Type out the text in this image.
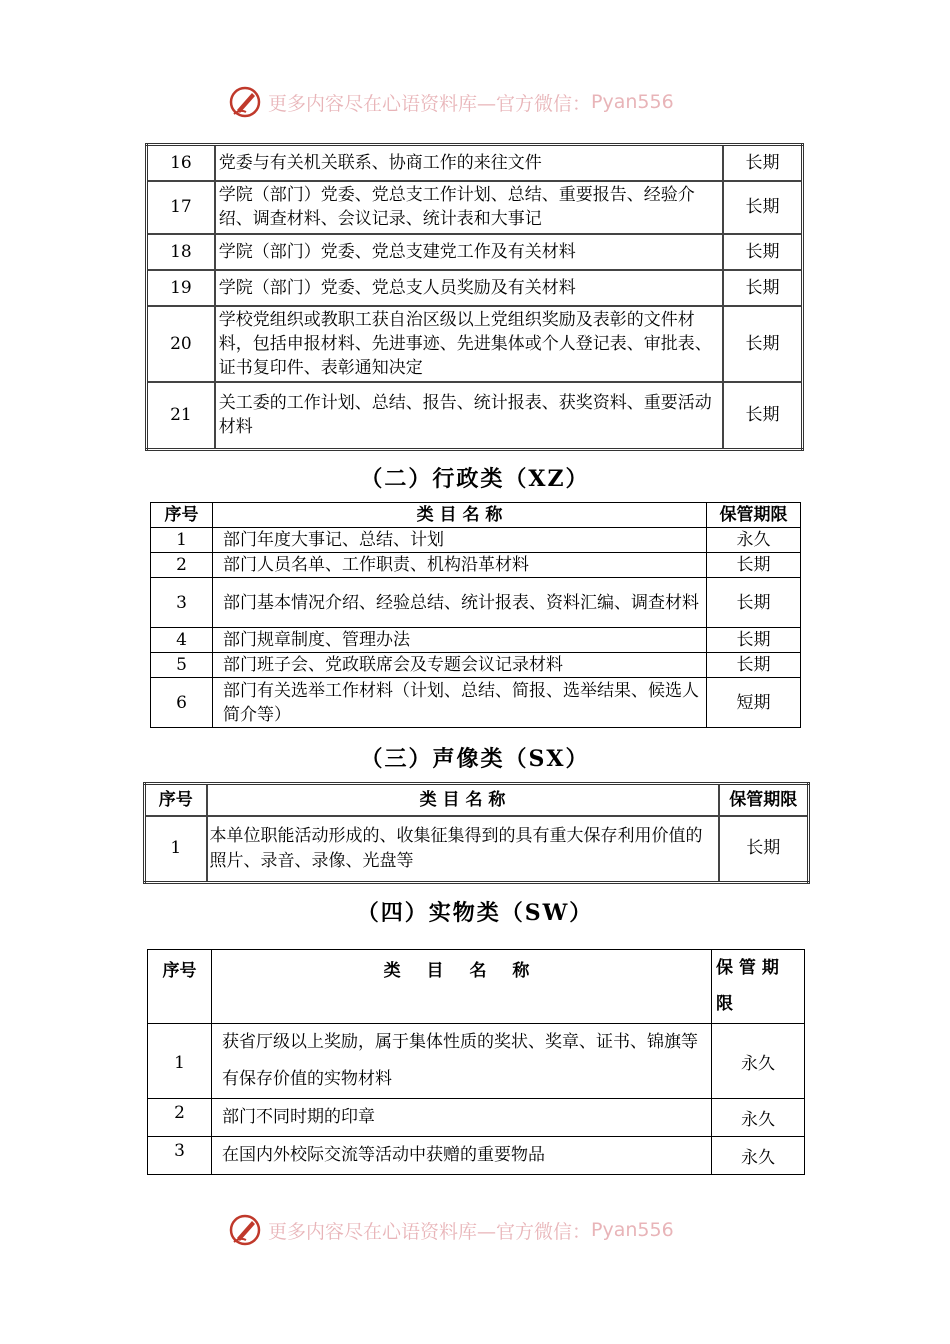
更多内容尽在心语资料库—官方微信： Pyan556
16	党委与有关机关联系、协商工作的来往文件	长期
17	学院（部门）党委、党总支工作计划、总结、重要报告、经验介绍、调查材料、会议记录、统计表和大事记	长期
18	学院（部门）党委、党总支建党工作及有关材料	长期
19	学院（部门）党委、党总支人员奖励及有关材料	长期
20	学校党组织或教职工获自治区级以上党组织奖励及表彰的文件材料，包括申报材料、先进事迹、先进集体或个人登记表、审批表、证书复印件、表彰通知决定	长期
21	关工委的工作计划、总结、报告、统计报表、获奖资料、重要活动材料	长期
（二）行政类（XZ）
序号	类 目 名 称	保管期限
1	部门年度大事记、总结、计划	永久
2	部门人员名单、工作职责、机构沿革材料	长期
3	部门基本情况介绍、经验总结、统计报表、资料汇编、调查材料	长期
4	部门规章制度、管理办法	长期
5	部门班子会、党政联席会及专题会议记录材料	长期
6	部门有关选举工作材料（计划、总结、简报、选举结果、候选人简介等）	短期
（三）声像类（SX）
序号	类 目 名 称	保管期限
1	本单位职能活动形成的、收集征集得到的具有重大保存利用价值的照片、录音、录像、光盘等	长期
（四）实物类（SW）
序号	类 目 名 称	保 管 期 限
1	获省厅级以上奖励，属于集体性质的奖状、奖章、证书、锦旗等有保存价值的实物材料	永久
2	部门不同时期的印章	永久
3	在国内外校际交流等活动中获赠的重要物品	永久
更多内容尽在心语资料库—官方微信： Pyan556
